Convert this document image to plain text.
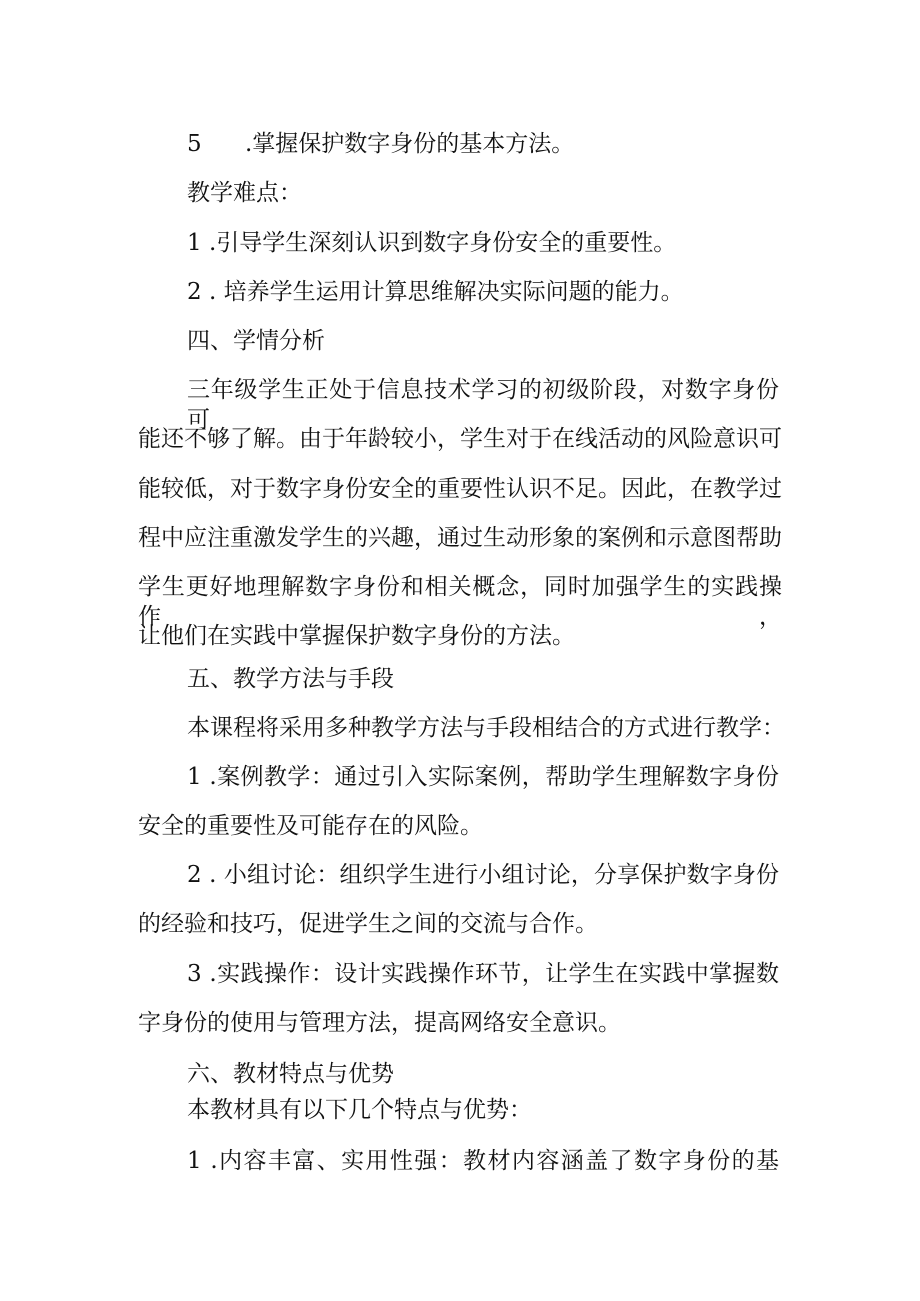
5 .掌握保护数字身份的基本方法。
教学难点：
1 .引导学生深刻认识到数字身份安全的重要性。
2 . 培养学生运用计算思维解决实际问题的能力。
四、学情分析
三年级学生正处于信息技术学习的初级阶段，对数字身份可
能还不够了解。由于年龄较小，学生对于在线活动的风险意识可
能较低，对于数字身份安全的重要性认识不足。因此，在教学过
程中应注重激发学生的兴趣，通过生动形象的案例和示意图帮助
学生更好地理解数字身份和相关概念，同时加强学生的实践操作，
让他们在实践中掌握保护数字身份的方法。
五、教学方法与手段
本课程将采用多种教学方法与手段相结合的方式进行教学：
1 .案例教学：通过引入实际案例，帮助学生理解数字身份
安全的重要性及可能存在的风险。
2 . 小组讨论：组织学生进行小组讨论，分享保护数字身份
的经验和技巧，促进学生之间的交流与合作。
3 .实践操作：设计实践操作环节，让学生在实践中掌握数
字身份的使用与管理方法，提高网络安全意识。
六、教材特点与优势
本教材具有以下几个特点与优势：
1 .内容丰富、实用性强：教材内容涵盖了数字身份的基
